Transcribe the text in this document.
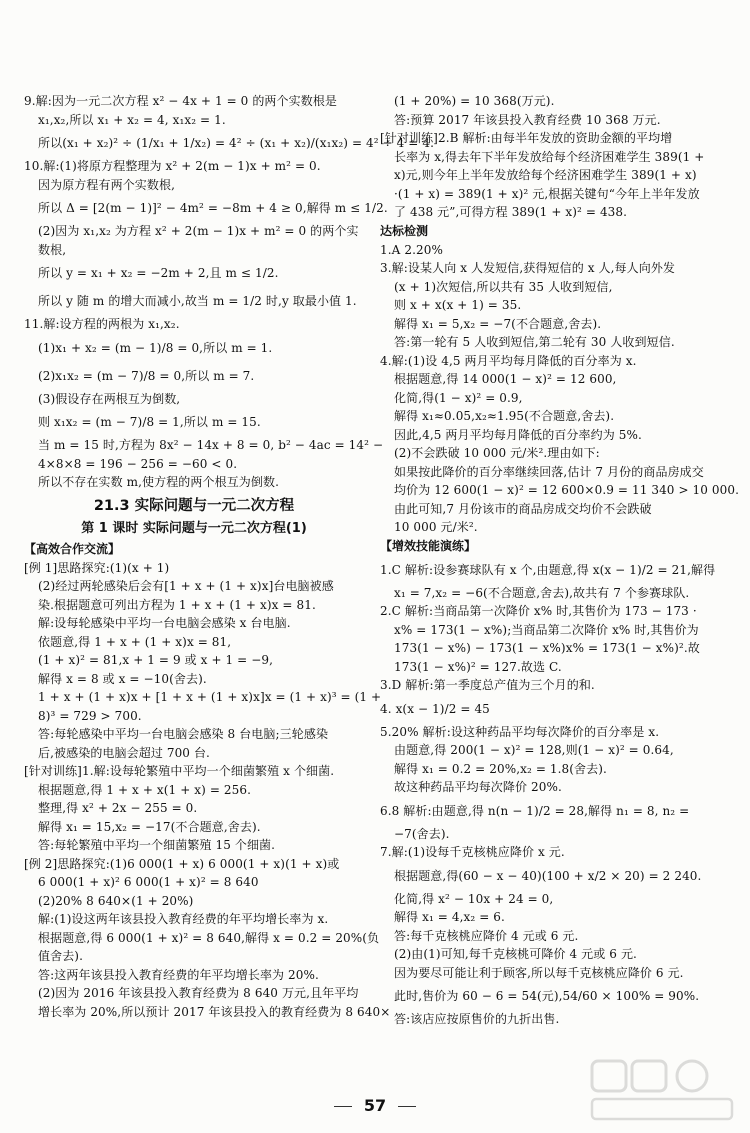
9.解:因为一元二次方程 x² − 4x + 1 = 0 的两个实数根是
x₁,x₂,所以 x₁ + x₂ = 4, x₁x₂ = 1.
所以(x₁ + x₂)² ÷ (1/x₁ + 1/x₂) = 4² ÷ (x₁ + x₂)/(x₁x₂) = 4² ÷ 4 = 4.
10.解:(1)将原方程整理为 x² + 2(m − 1)x + m² = 0.
因为原方程有两个实数根,
所以 Δ = [2(m − 1)]² − 4m² = −8m + 4 ≥ 0,解得 m ≤ 1/2.
(2)因为 x₁,x₂ 为方程 x² + 2(m − 1)x + m² = 0 的两个实
数根,
所以 y = x₁ + x₂ = −2m + 2,且 m ≤ 1/2.
所以 y 随 m 的增大而减小,故当 m = 1/2 时,y 取最小值 1.
11.解:设方程的两根为 x₁,x₂.
(1)x₁ + x₂ = (m − 1)/8 = 0,所以 m = 1.
(2)x₁x₂ = (m − 7)/8 = 0,所以 m = 7.
(3)假设存在两根互为倒数,
则 x₁x₂ = (m − 7)/8 = 1,所以 m = 15.
当 m = 15 时,方程为 8x² − 14x + 8 = 0, b² − 4ac = 14² −
4×8×8 = 196 − 256 = −60 < 0.
所以不存在实数 m,使方程的两个根互为倒数.
21.3 实际问题与一元二次方程
第 1 课时 实际问题与一元二次方程(1)
【高效合作交流】
[例 1]思路探究:(1)(x + 1)
(2)经过两轮感染后会有[1 + x + (1 + x)x]台电脑被感
染.根据题意可列出方程为 1 + x + (1 + x)x = 81.
解:设每轮感染中平均一台电脑会感染 x 台电脑.
依题意,得 1 + x + (1 + x)x = 81,
(1 + x)² = 81,x + 1 = 9 或 x + 1 = −9,
解得 x = 8 或 x = −10(舍去).
1 + x + (1 + x)x + [1 + x + (1 + x)x]x = (1 + x)³ = (1 +
8)³ = 729 > 700.
答:每轮感染中平均一台电脑会感染 8 台电脑;三轮感染
后,被感染的电脑会超过 700 台.
[针对训练]1.解:设每轮繁殖中平均一个细菌繁殖 x 个细菌.
根据题意,得 1 + x + x(1 + x) = 256.
整理,得 x² + 2x − 255 = 0.
解得 x₁ = 15,x₂ = −17(不合题意,舍去).
答:每轮繁殖中平均一个细菌繁殖 15 个细菌.
[例 2]思路探究:(1)6 000(1 + x) 6 000(1 + x)(1 + x)或
6 000(1 + x)² 6 000(1 + x)² = 8 640
(2)20% 8 640×(1 + 20%)
解:(1)设这两年该县投入教育经费的年平均增长率为 x.
根据题意,得 6 000(1 + x)² = 8 640,解得 x = 0.2 = 20%(负
值舍去).
答:这两年该县投入教育经费的年平均增长率为 20%.
(2)因为 2016 年该县投入教育经费为 8 640 万元,且年平均
增长率为 20%,所以预计 2017 年该县投入的教育经费为 8 640×
(1 + 20%) = 10 368(万元).
答:预算 2017 年该县投入教育经费 10 368 万元.
[针对训练]2.B 解析:由每半年发放的资助金额的平均增
长率为 x,得去年下半年发放给每个经济困难学生 389(1 +
x)元,则今年上半年发放给每个经济困难学生 389(1 + x)
·(1 + x) = 389(1 + x)² 元,根据关键句“今年上半年发放
了 438 元”,可得方程 389(1 + x)² = 438.
达标检测
1.A 2.20%
3.解:设某人向 x 人发短信,获得短信的 x 人,每人向外发
(x + 1)次短信,所以共有 35 人收到短信,
则 x + x(x + 1) = 35.
解得 x₁ = 5,x₂ = −7(不合题意,舍去).
答:第一轮有 5 人收到短信,第二轮有 30 人收到短信.
4.解:(1)设 4,5 两月平均每月降低的百分率为 x.
根据题意,得 14 000(1 − x)² = 12 600,
化简,得(1 − x)² = 0.9,
解得 x₁≈0.05,x₂≈1.95(不合题意,舍去).
因此,4,5 两月平均每月降低的百分率约为 5%.
(2)不会跌破 10 000 元/米².理由如下:
如果按此降价的百分率继续回落,估计 7 月份的商品房成交
均价为 12 600(1 − x)² = 12 600×0.9 = 11 340 > 10 000.
由此可知,7 月份该市的商品房成交均价不会跌破
10 000 元/米².
【增效技能演练】
1.C 解析:设参赛球队有 x 个,由题意,得 x(x − 1)/2 = 21,解得
x₁ = 7,x₂ = −6(不合题意,舍去),故共有 7 个参赛球队.
2.C 解析:当商品第一次降价 x% 时,其售价为 173 − 173 ·
x% = 173(1 − x%);当商品第二次降价 x% 时,其售价为
173(1 − x%) − 173(1 − x%)x% = 173(1 − x%)².故
173(1 − x%)² = 127.故选 C.
3.D 解析:第一季度总产值为三个月的和.
4. x(x − 1)/2 = 45
5.20% 解析:设这种药品平均每次降价的百分率是 x.
由题意,得 200(1 − x)² = 128,则(1 − x)² = 0.64,
解得 x₁ = 0.2 = 20%,x₂ = 1.8(舍去).
故这种药品平均每次降价 20%.
6.8 解析:由题意,得 n(n − 1)/2 = 28,解得 n₁ = 8, n₂ =
−7(舍去).
7.解:(1)设每千克核桃应降价 x 元.
根据题意,得(60 − x − 40)(100 + x/2 × 20) = 2 240.
化简,得 x² − 10x + 24 = 0,
解得 x₁ = 4,x₂ = 6.
答:每千克核桃应降价 4 元或 6 元.
(2)由(1)可知,每千克核桃可降价 4 元或 6 元.
因为要尽可能让利于顾客,所以每千克核桃应降价 6 元.
此时,售价为 60 − 6 = 54(元),54/60 × 100% = 90%.
答:该店应按原售价的九折出售.
57
